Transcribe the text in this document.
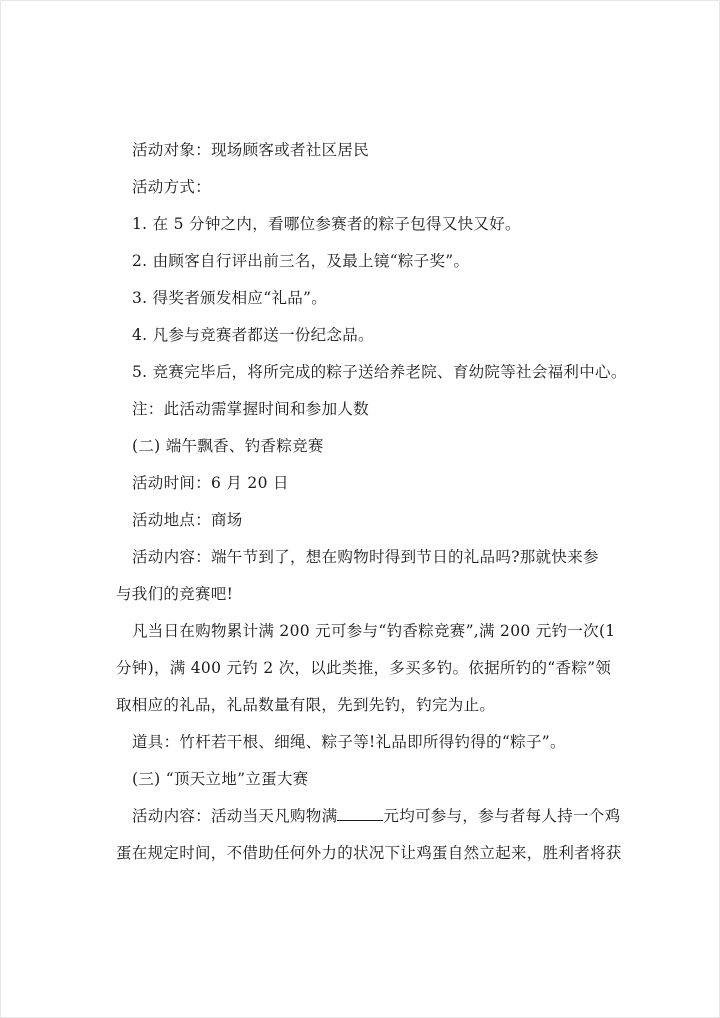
活动对象：现场顾客或者社区居民
活动方式：
1. 在 5 分钟之内，看哪位参赛者的粽子包得又快又好。
2. 由顾客自行评出前三名，及最上镜“粽子奖”。
3. 得奖者颁发相应“礼品”。
4. 凡参与竞赛者都送一份纪念品。
5. 竞赛完毕后，将所完成的粽子送给养老院、育幼院等社会福利中心。
注：此活动需掌握时间和参加人数
(二) 端午飘香、钓香粽竞赛
活动时间：6 月 20 日
活动地点：商场
活动内容：端午节到了，想在购物时得到节日的礼品吗?那就快来参
与我们的竞赛吧!
凡当日在购物累计满 200 元可参与“钓香粽竞赛”,满 200 元钓一次(1
分钟)，满 400 元钓 2 次，以此类推，多买多钓。依据所钓的“香粽”领
取相应的礼品，礼品数量有限，先到先钓，钓完为止。
道具：竹杆若干根、细绳、粽子等!礼品即所得钓得的“粽子”。
(三) “顶天立地”立蛋大赛
活动内容：活动当天凡购物满	元均可参与，参与者每人持一个鸡
蛋在规定时间，不借助任何外力的状况下让鸡蛋自然立起来，胜利者将获
